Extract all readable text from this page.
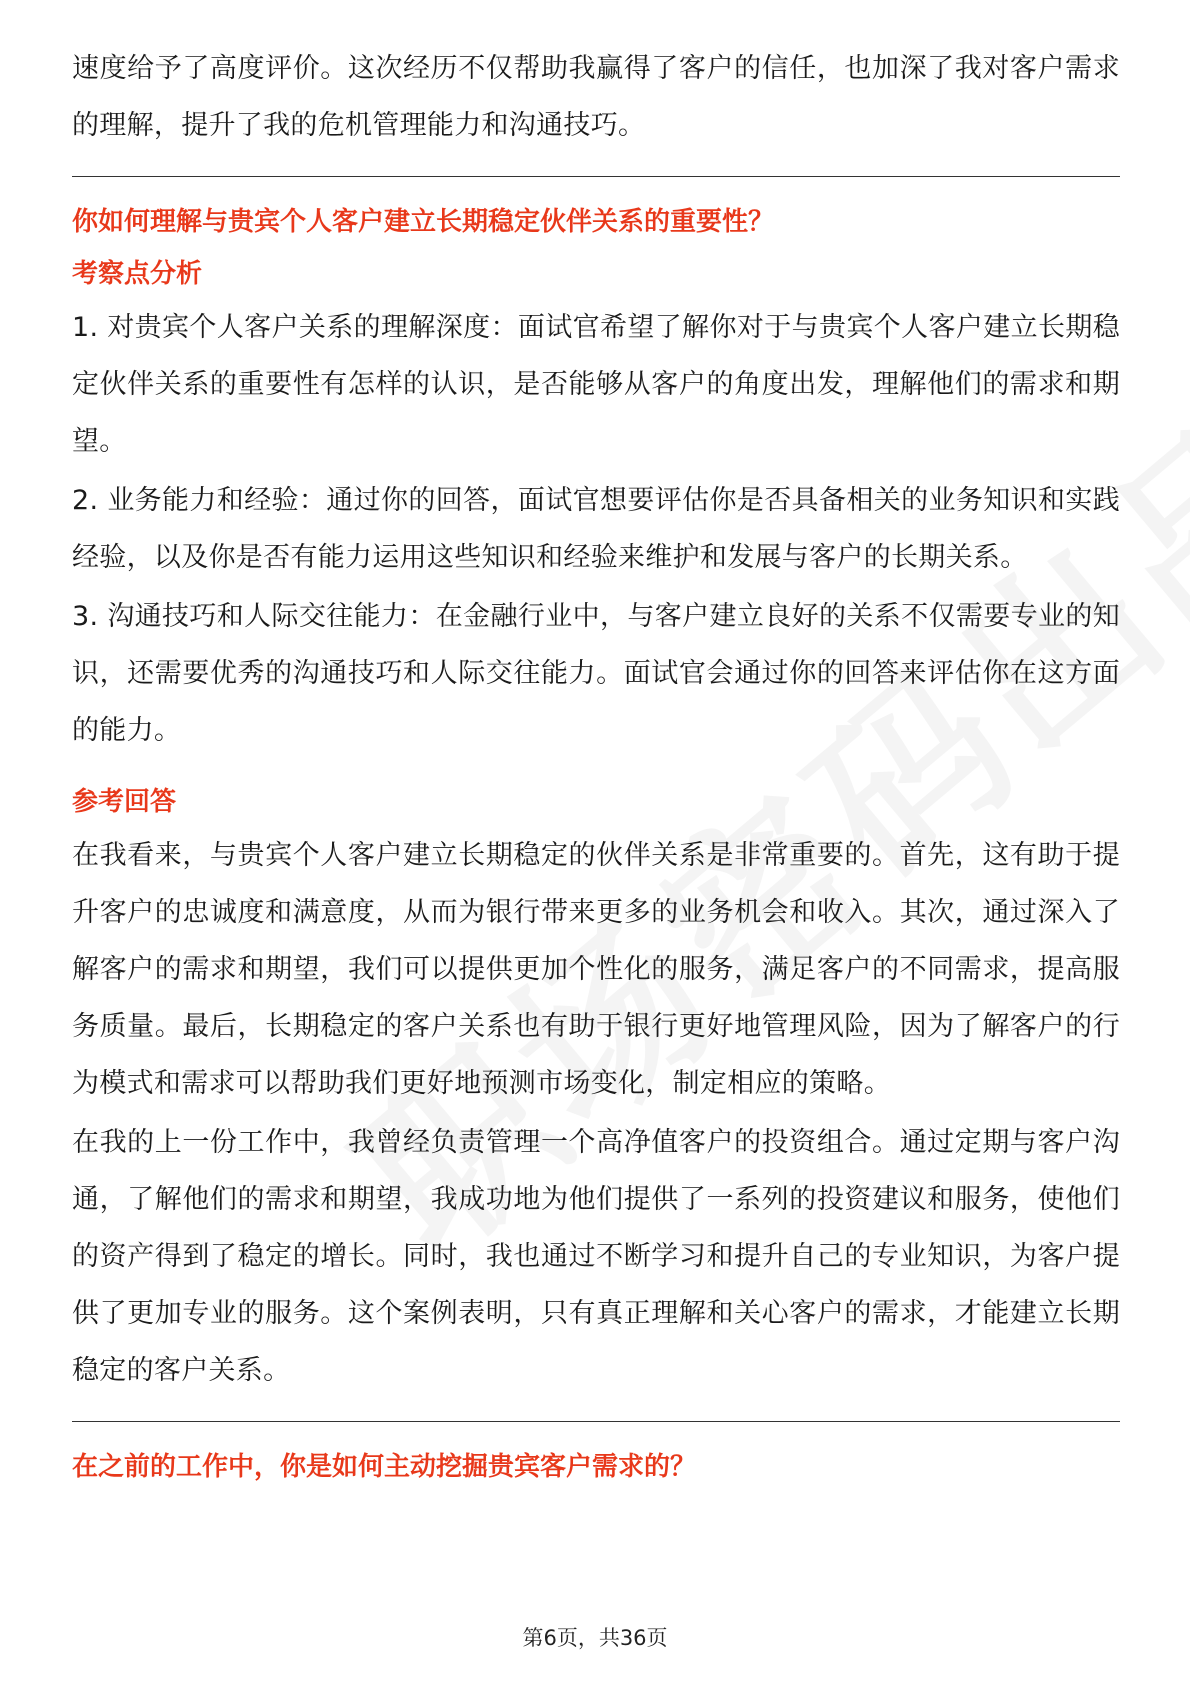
速度给予了高度评价。这次经历不仅帮助我赢得了客户的信任，也加深了我对客户需求的理解，提升了我的危机管理能力和沟通技巧。

你如何理解与贵宾个人客户建立长期稳定伙伴关系的重要性？
考察点分析

1. 对贵宾个人客户关系的理解深度：面试官希望了解你对于与贵宾个人客户建立长期稳定伙伴关系的重要性有怎样的认识，是否能够从客户的角度出发，理解他们的需求和期望。

2. 业务能力和经验：通过你的回答，面试官想要评估你是否具备相关的业务知识和实践经验，以及你是否有能力运用这些知识和经验来维护和发展与客户的长期关系。

3. 沟通技巧和人际交往能力：在金融行业中，与客户建立良好的关系不仅需要专业的知识，还需要优秀的沟通技巧和人际交往能力。面试官会通过你的回答来评估你在这方面的能力。

参考回答

在我看来，与贵宾个人客户建立长期稳定的伙伴关系是非常重要的。首先，这有助于提升客户的忠诚度和满意度，从而为银行带来更多的业务机会和收入。其次，通过深入了解客户的需求和期望，我们可以提供更加个性化的服务，满足客户的不同需求，提高服务质量。最后，长期稳定的客户关系也有助于银行更好地管理风险，因为了解客户的行为模式和需求可以帮助我们更好地预测市场变化，制定相应的策略。

在我的上一份工作中，我曾经负责管理一个高净值客户的投资组合。通过定期与客户沟通，了解他们的需求和期望，我成功地为他们提供了一系列的投资建议和服务，使他们的资产得到了稳定的增长。同时，我也通过不断学习和提升自己的专业知识，为客户提供了更加专业的服务。这个案例表明，只有真正理解和关心客户的需求，才能建立长期稳定的客户关系。

在之前的工作中，你是如何主动挖掘贵宾客户需求的？
第6页，共36页
